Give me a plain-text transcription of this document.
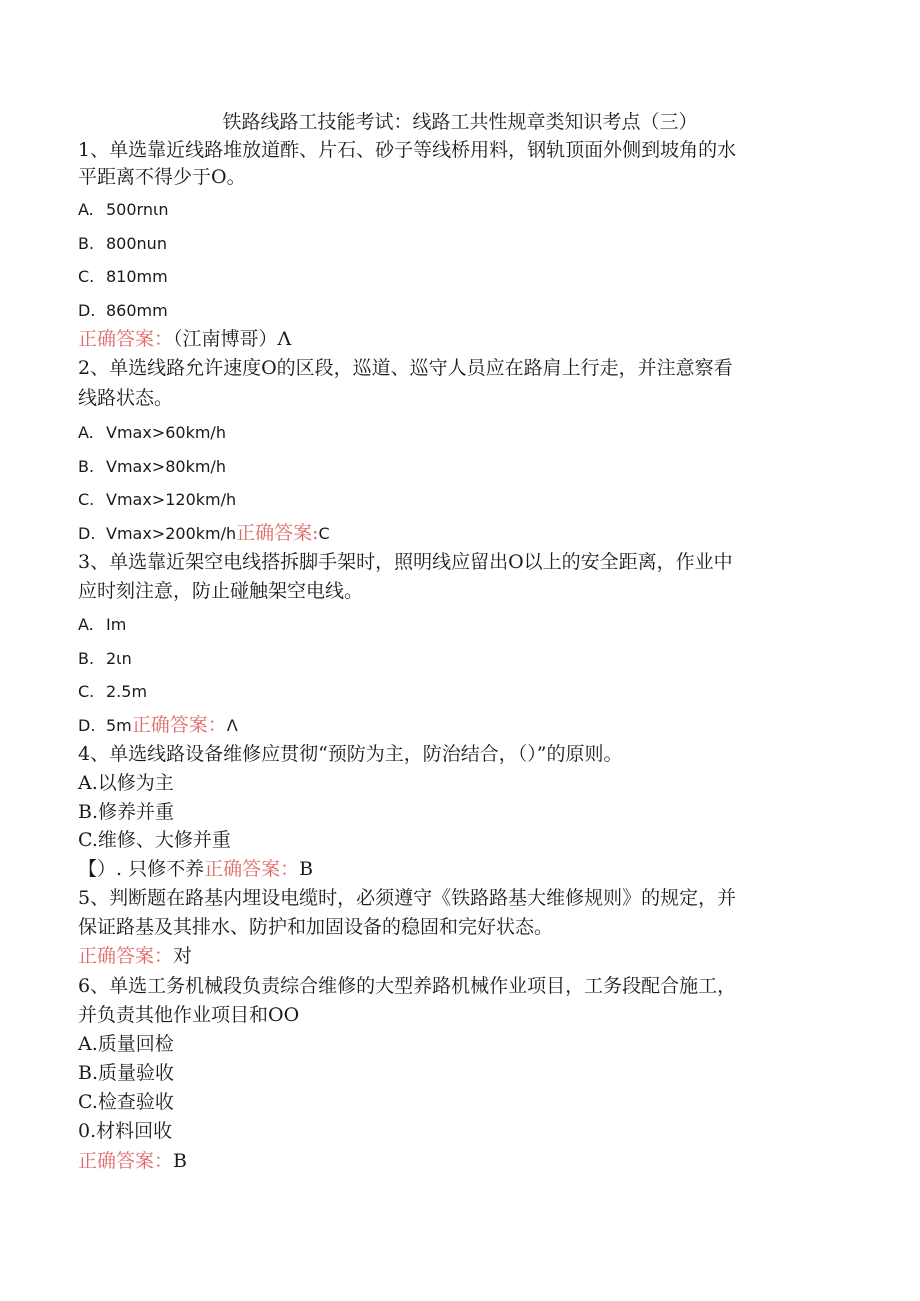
铁路线路工技能考试：线路工共性规章类知识考点（三）
1、单选靠近线路堆放道酢、片石、砂子等线桥用料，钢轨顶面外侧到坡角的水
平距离不得少于O。
A. 500rnιn
B. 800nun
C. 810mm
D. 860mm
正确答案：（江南博哥）Λ
2、单选线路允许速度O的区段，巡道、巡守人员应在路肩上行走，并注意察看
线路状态。
A. Vmax>60km∕h
B. Vmax>80km∕h
C. Vmax>120km∕h
D. Vmax>200km∕h正确答案:C
3、单选靠近架空电线搭拆脚手架时，照明线应留出O以上的安全距离，作业中
应时刻注意，防止碰触架空电线。
A. Im
B. 2ιn
C. 2.5m
D. 5m正确答案：Λ
4、单选线路设备维修应贯彻“预防为主，防治结合，（）”的原则。
A.以修为主
B.修养并重
C.维修、大修并重
【）. 只修不养正确答案：B
5、判断题在路基内埋设电缆时，必须遵守《铁路路基大维修规则》的规定，并
保证路基及其排水、防护和加固设备的稳固和完好状态。
正确答案：对
6、单选工务机械段负责综合维修的大型养路机械作业项目，工务段配合施工，
并负责其他作业项目和OO
A.质量回检
B.质量验收
C.检查验收
0.材料回收
正确答案：B
